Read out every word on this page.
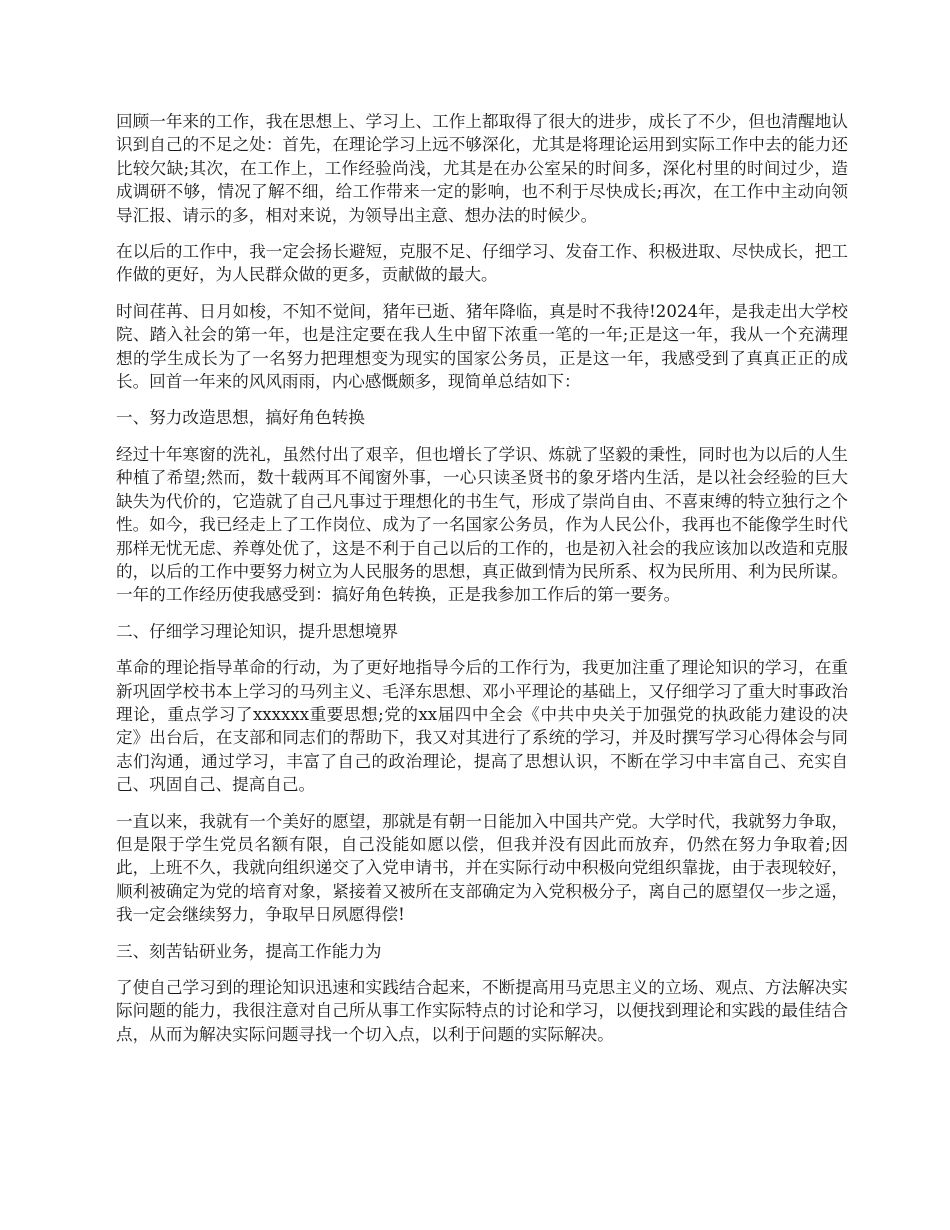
回顾一年来的工作，我在思想上、学习上、工作上都取得了很大的进步，成长了不少，但也清醒地认识到自己的不足之处：首先，在理论学习上远不够深化，尤其是将理论运用到实际工作中去的能力还比较欠缺;其次，在工作上，工作经验尚浅，尤其是在办公室呆的时间多，深化村里的时间过少，造成调研不够，情况了解不细，给工作带来一定的影响，也不利于尽快成长;再次，在工作中主动向领导汇报、请示的多，相对来说，为领导出主意、想办法的时候少。

在以后的工作中，我一定会扬长避短，克服不足、仔细学习、发奋工作、积极进取、尽快成长，把工作做的更好，为人民群众做的更多，贡献做的最大。

时间荏苒、日月如梭，不知不觉间，猪年已逝、猪年降临，真是时不我待!2024年，是我走出大学校院、踏入社会的第一年，也是注定要在我人生中留下浓重一笔的一年;正是这一年，我从一个充满理想的学生成长为了一名努力把理想变为现实的国家公务员，正是这一年，我感受到了真真正正的成长。回首一年来的风风雨雨，内心感慨颇多，现简单总结如下：

一、努力改造思想，搞好角色转换

经过十年寒窗的洗礼，虽然付出了艰辛，但也增长了学识、炼就了坚毅的秉性，同时也为以后的人生种植了希望;然而，数十载两耳不闻窗外事，一心只读圣贤书的象牙塔内生活，是以社会经验的巨大缺失为代价的，它造就了自己凡事过于理想化的书生气，形成了崇尚自由、不喜束缚的特立独行之个性。如今，我已经走上了工作岗位、成为了一名国家公务员，作为人民公仆，我再也不能像学生时代那样无忧无虑、养尊处优了，这是不利于自己以后的工作的，也是初入社会的我应该加以改造和克服的，以后的工作中要努力树立为人民服务的思想，真正做到情为民所系、权为民所用、利为民所谋。一年的工作经历使我感受到：搞好角色转换，正是我参加工作后的第一要务。

二、仔细学习理论知识，提升思想境界

革命的理论指导革命的行动，为了更好地指导今后的工作行为，我更加注重了理论知识的学习，在重新巩固学校书本上学习的马列主义、毛泽东思想、邓小平理论的基础上，又仔细学习了重大时事政治理论，重点学习了xxxxxx重要思想;党的xx届四中全会《中共中央关于加强党的执政能力建设的决定》出台后，在支部和同志们的帮助下，我又对其进行了系统的学习，并及时撰写学习心得体会与同志们沟通，通过学习，丰富了自己的政治理论，提高了思想认识，不断在学习中丰富自己、充实自己、巩固自己、提高自己。

一直以来，我就有一个美好的愿望，那就是有朝一日能加入中国共产党。大学时代，我就努力争取，但是限于学生党员名额有限，自己没能如愿以偿，但我并没有因此而放弃，仍然在努力争取着;因此，上班不久，我就向组织递交了入党申请书，并在实际行动中积极向党组织靠拢，由于表现较好，顺利被确定为党的培育对象，紧接着又被所在支部确定为入党积极分子，离自己的愿望仅一步之遥，我一定会继续努力，争取早日夙愿得偿!

三、刻苦钻研业务，提高工作能力为

了使自己学习到的理论知识迅速和实践结合起来，不断提高用马克思主义的立场、观点、方法解决实际问题的能力，我很注意对自己所从事工作实际特点的讨论和学习，以便找到理论和实践的最佳结合点，从而为解决实际问题寻找一个切入点，以利于问题的实际解决。
